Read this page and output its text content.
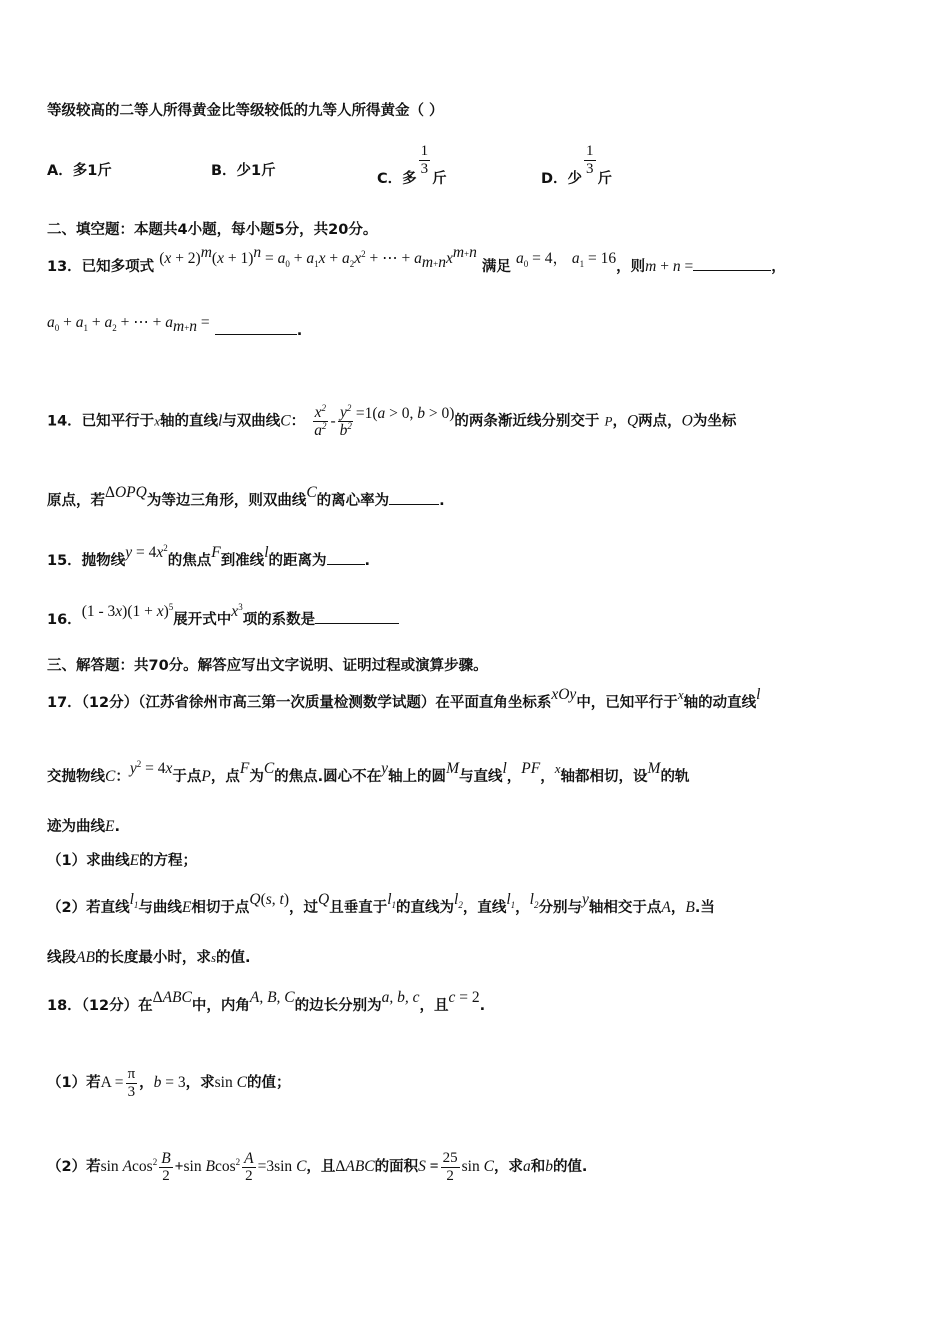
等级较高的二等人所得黄金比等级较低的九等人所得黄金（ ）
A．多1斤	B．少1斤	C．多
$\frac{1}{3}$
斤	D．少
$\frac{1}{3}$
斤
二、填空题：本题共4小题，每小题5分，共20分。
13．已知多项式 $(x + 2)^m(x + 1)^n = a_0 + a_1x + a_2x^2$ + ⋯ + $a_{m+n}x^{m+n}$ 满足 $a_0 = 4$， $a_1 = 16$，则m + n =	，
$a_0 + a_1 + a_2$ + ⋯ + $a_{m+n}$ =	.
14．已知平行于x轴的直线l与双曲线C： $\frac{x^2}{a^2} - \frac{y^2}{b^2} =1(a > 0$, b > 0)的两条渐近线分别交于 P，Q两点，O为坐标
原点，若ΔOPQ为等边三角形，则双曲线C的离心率为	.
15．抛物线$y = 4x^2$的焦点F到准线l的距离为	.
16．$(1 - 3x)(1 + x)^5$展开式中$x^3$项的系数是
三、解答题：共70分。解答应写出文字说明、证明过程或演算步骤。
17．（12分）（江苏省徐州市高三第一次质量检测数学试题）在平面直角坐标系xOy中，已知平行于x轴的动直线l
交抛物线C：$y^2 = 4x$于点P，点F为C的焦点.圆心不在y轴上的圆M与直线l，PF，x轴都相切，设M的轨
迹为曲线E.
（1）求曲线E的方程；
（2）若直线$l_1$与曲线E相切于点Q(s, t)，过Q且垂直于$l_1$的直线为$l_2$，直线$l_1$，$l_2$分别与y轴相交于点A，B.当
线段AB的长度最小时，求s的值.
18．（12分）在ΔABC中，内角A, B, C的边长分别为a, b, c，且c = 2.
（1）若$A = \frac{\pi}{3}$ ，b = 3，求sin C的值；
（2）若$\sin Acos^2 \frac{B}{2} +\sin$ $Bcos^2 \frac{A}{2} =3\sin$ C，且ΔABC的面积$S = \frac{25}{2}$ sin C，求a和b的值.
